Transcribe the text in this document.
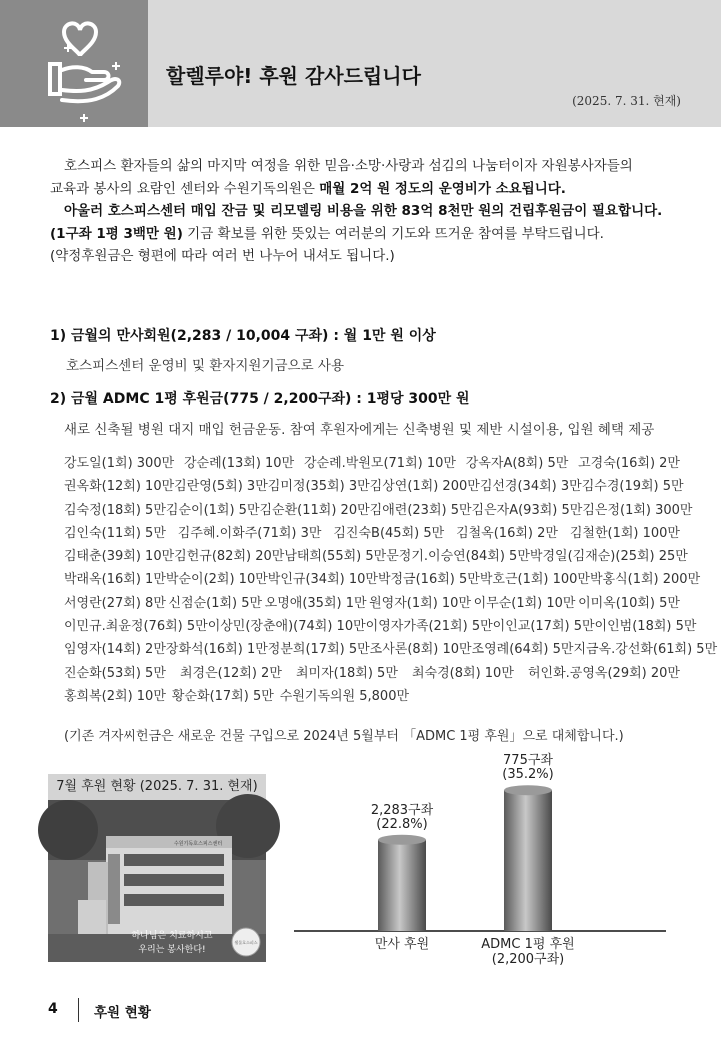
할렐루야! 후원 감사드립니다
(2025. 7. 31. 현재)

호스피스 환자들의 삶의 마지막 여정을 위한 믿음·소망·사랑과 섬김의 나눔터이자 자원봉사자들의

교육과 봉사의 요람인 센터와 수원기독의원은 매월 2억 원 정도의 운영비가 소요됩니다.

아울러 호스피스센터 매입 잔금 및 리모델링 비용을 위한 83억 8천만 원의 건립후원금이 필요합니다.

(1구좌 1평 3백만 원) 기금 확보를 위한 뜻있는 여러분의 기도와 뜨거운 참여를 부탁드립니다.

(약정후원금은 형편에 따라 여러 번 나누어 내셔도 됩니다.)

1) 금월의 만사회원(2,283 / 10,004 구좌) : 월 1만 원 이상
호스피스센터 운영비 및 환자지원기금으로 사용
2) 금월 ADMC 1평 후원금(775 / 2,200구좌) : 1평당 300만 원
새로 신축될 병원 대지 매입 헌금운동. 참여 후원자에게는 신축병원 및 제반 시설이용, 입원 혜택 제공
강도일(1회) 300만 강순례(13회) 10만 강순례.박원모(71회) 10만 강옥자A(8회) 5만 고경숙(16회) 2만
권옥화(12회) 10만 김란영(5회) 3만 김미정(35회) 3만 김상연(1회) 200만 김선경(34회) 3만 김수경(19회) 5만
김숙정(18회) 5만 김순이(1회) 5만 김순환(11회) 20만 김애련(23회) 5만 김은자A(93회) 5만 김은정(1회) 300만
김인숙(11회) 5만 김주혜.이화주(71회) 3만 김진숙B(45회) 5만 김철옥(16회) 2만 김철한(1회) 100만
김태춘(39회) 10만 김헌규(82회) 20만 남태희(55회) 5만 문정기.이승연(84회) 5만 박경일(김재순)(25회) 25만
박래옥(16회) 1만 박순이(2회) 10만 박인규(34회) 10만 박정금(16회) 5만 박호근(1회) 100만 박홍식(1회) 200만
서영란(27회) 8만 신점순(1회) 5만 오명애(35회) 1만 원영자(1회) 10만 이무순(1회) 10만 이미옥(10회) 5만
이민규.최윤정(76회) 5만 이상민(장춘애)(74회) 10만 이영자가족(21회) 5만 이인교(17회) 5만 이인범(18회) 5만
임영자(14회) 2만 장화석(16회) 1만 정분희(17회) 5만 조사론(8회) 10만 조영례(64회) 5만 지금옥.강선화(61회) 5만
진순화(53회) 5만 최경은(12회) 2만 최미자(18회) 5만 최숙경(8회) 10만 허인화.공영옥(29회) 20만
홍희복(2회) 10만 황순화(17회) 5만 수원기독의원 5,800만
(기존 겨자씨헌금은 새로운 건물 구입으로 2024년 5월부터 「ADMC 1평 후원」으로 대체합니다.)
7월 후원 현황 (2025. 7. 31. 현재)
수원기독호스피스센터
하나님은 치료하시고
우리는 봉사한다!
샘물호스피스
2,283구좌
(22.8%)
만사 후원
775구좌
(35.2%)
ADMC 1평 후원
(2,200구좌)
4	후원 현황
